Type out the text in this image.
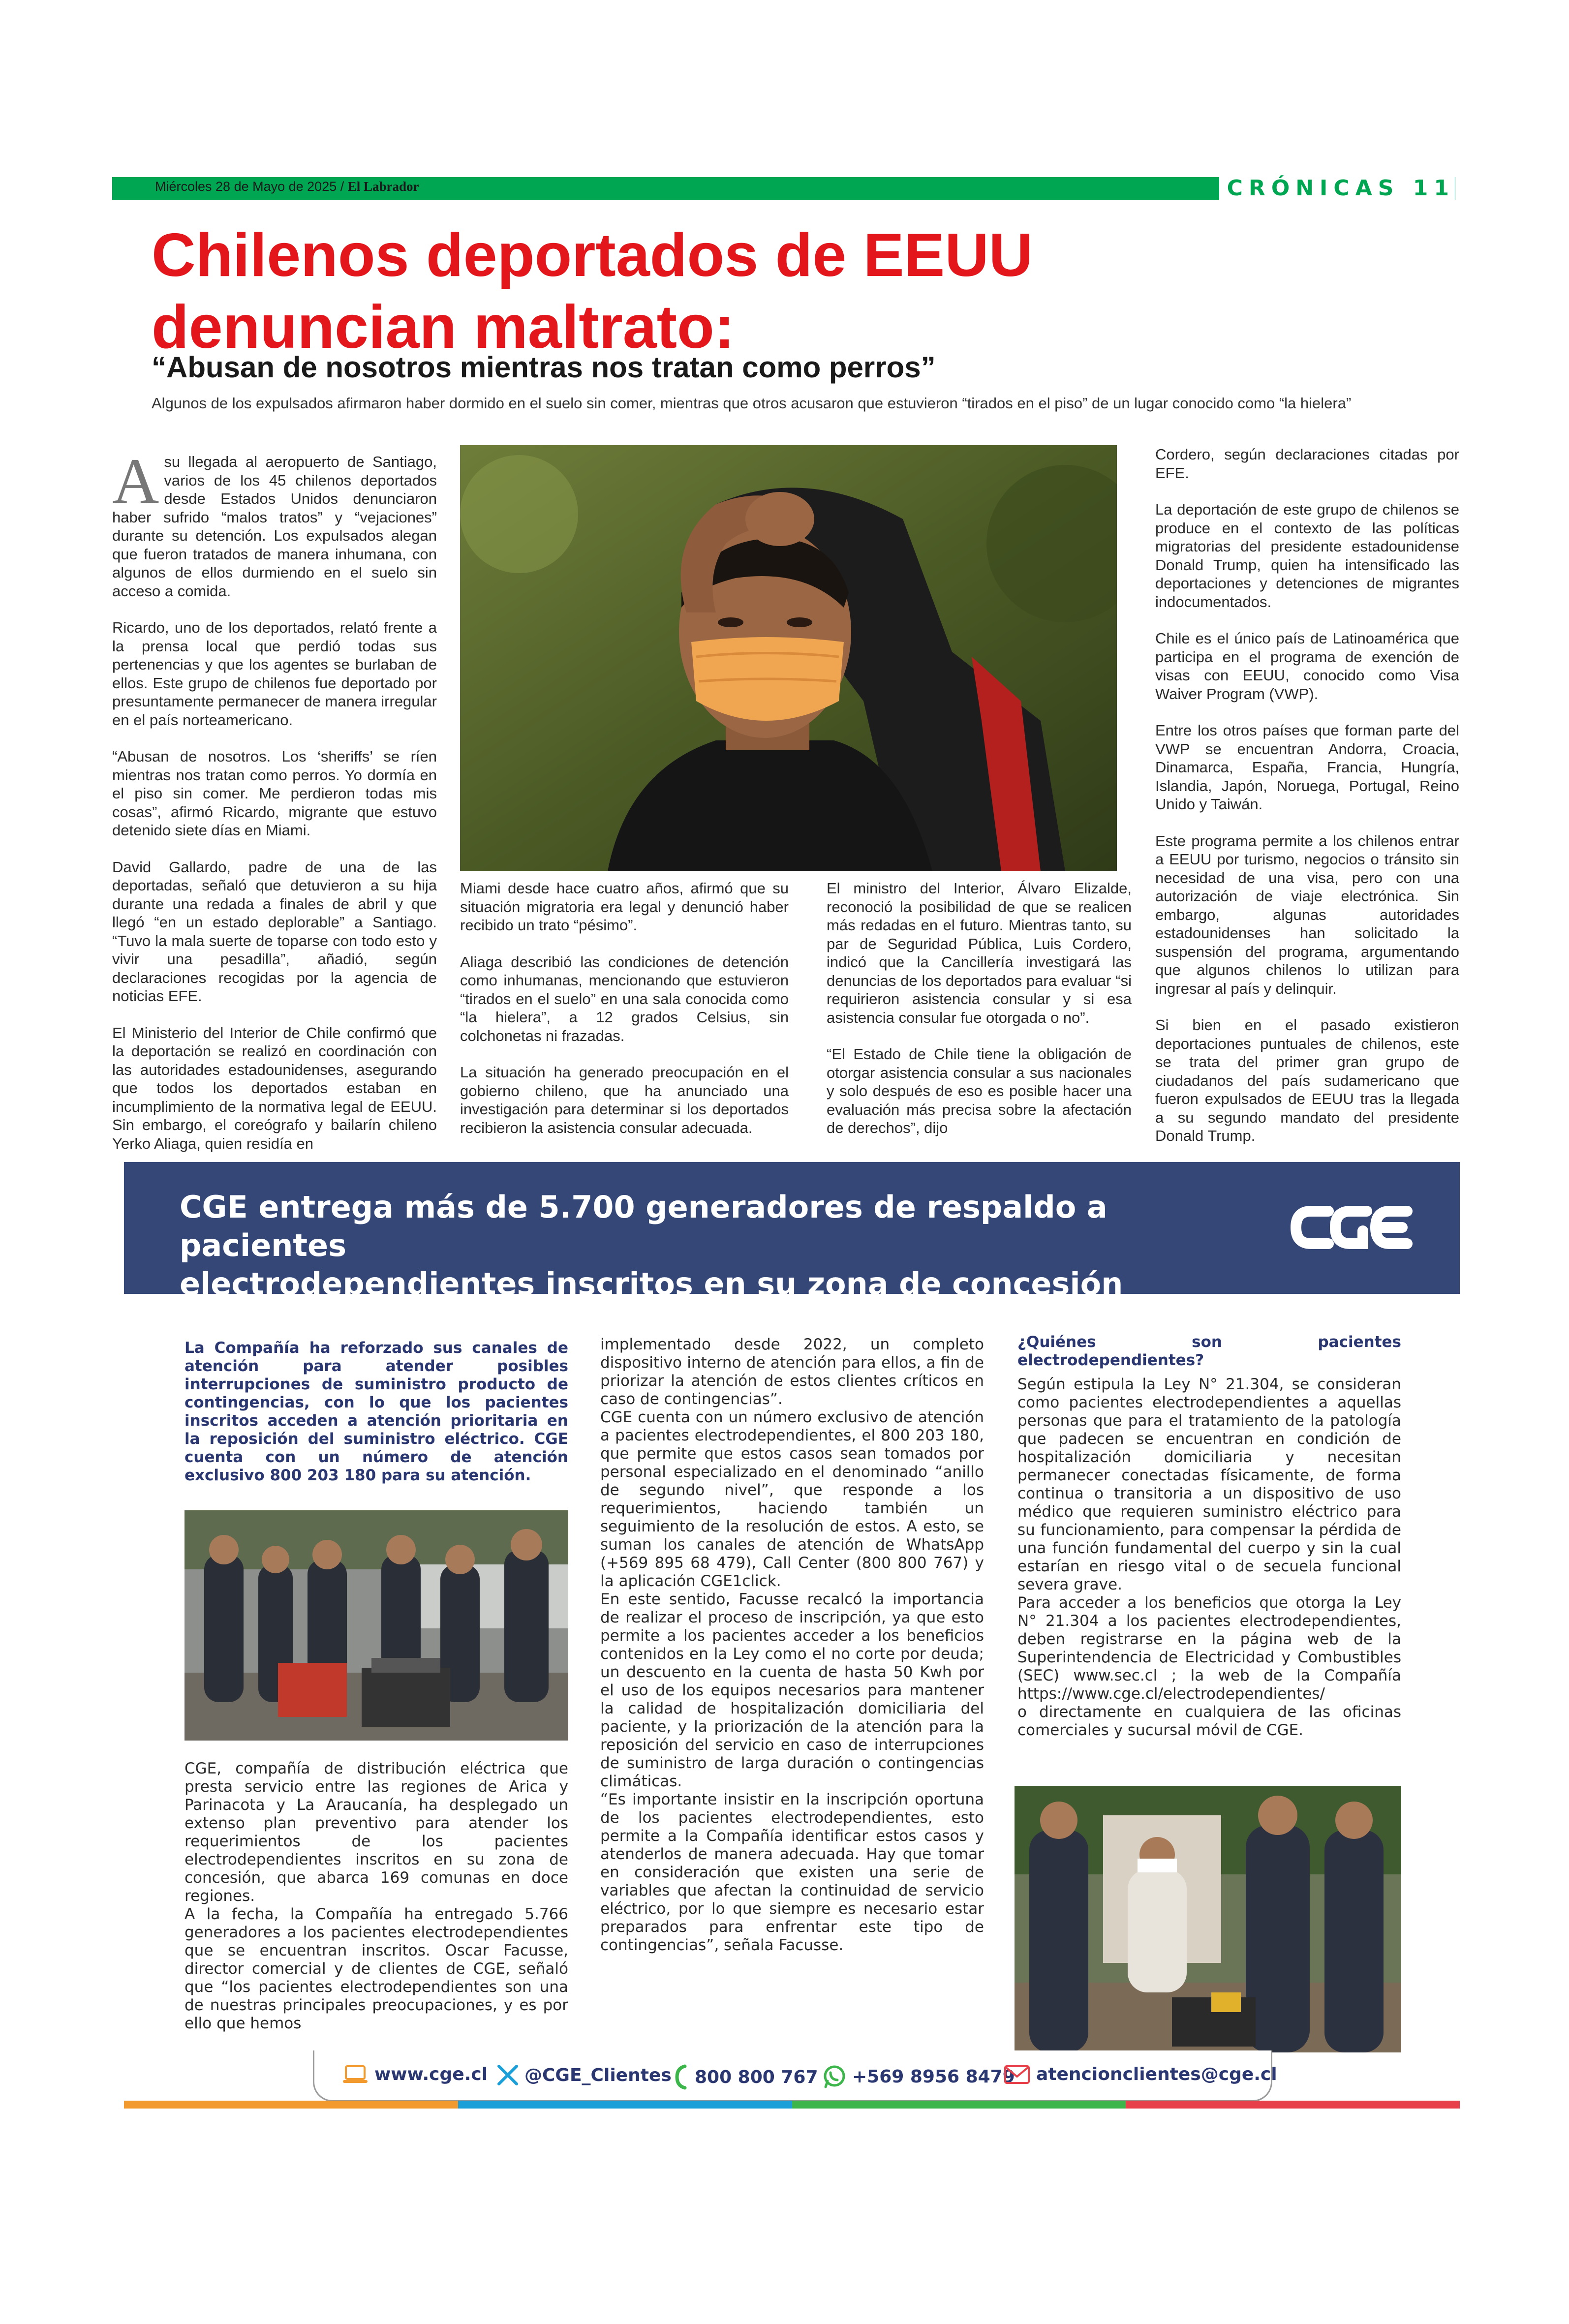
Miércoles 28 de Mayo de 2025 / El Labrador	CRÓNICAS 11
Chilenos deportados de EEUU
denuncian maltrato:
“Abusan de nosotros mientras nos tratan como perros”
Algunos de los expulsados afirmaron haber dormido en el suelo sin comer, mientras que otros acusaron que estuvieron “tirados en el piso” de un lugar conocido como “la hielera”

Asu llegada al aeropuerto de Santiago, varios de los 45 chilenos deportados desde Estados Unidos denunciaron haber sufrido “malos tratos” y “vejaciones” durante su detención. Los expulsados alegan que fueron tratados de manera inhumana, con algunos de ellos durmiendo en el suelo sin acceso a comida.

Ricardo, uno de los deportados, relató frente a la prensa local que perdió todas sus pertenencias y que los agentes se burlaban de ellos. Este grupo de chilenos fue deportado por presuntamente permanecer de manera irregular en el país norteamericano.

“Abusan de nosotros. Los ‘sheriffs’ se ríen mientras nos tratan como perros. Yo dormía en el piso sin comer. Me perdieron todas mis cosas”, afirmó Ricardo, migrante que estuvo detenido siete días en Miami.

David Gallardo, padre de una de las deportadas, señaló que detuvieron a su hija durante una redada a finales de abril y que llegó “en un estado deplorable” a Santiago. “Tuvo la mala suerte de toparse con todo esto y vivir una pesadilla”, añadió, según declaraciones recogidas por la agencia de noticias EFE.

El Ministerio del Interior de Chile confirmó que la deportación se realizó en coordinación con las autoridades estadounidenses, asegurando que todos los deportados estaban en incumplimiento de la normativa legal de EEUU. Sin embargo, el coreógrafo y bailarín chileno Yerko Aliaga, quien residía en

Miami desde hace cuatro años, afirmó que su situación migratoria era legal y denunció haber recibido un trato “pésimo”.

Aliaga describió las condiciones de detención como inhumanas, mencionando que estuvieron “tirados en el suelo” en una sala conocida como “la hielera”, a 12 grados Celsius, sin colchonetas ni frazadas.

La situación ha generado preocupación en el gobierno chileno, que ha anunciado una investigación para determinar si los deportados recibieron la asistencia consular adecuada.

El ministro del Interior, Álvaro Elizalde, reconoció la posibilidad de que se realicen más redadas en el futuro. Mientras tanto, su par de Seguridad Pública, Luis Cordero, indicó que la Cancillería investigará las denuncias de los deportados para evaluar “si requirieron asistencia consular y si esa asistencia consular fue otorgada o no”.

“El Estado de Chile tiene la obligación de otorgar asistencia consular a sus nacionales y solo después de eso es posible hacer una evaluación más precisa sobre la afectación de derechos”, dijo

Cordero, según declaraciones citadas por EFE.

La deportación de este grupo de chilenos se produce en el contexto de las políticas migratorias del presidente estadounidense Donald Trump, quien ha intensificado las deportaciones y detenciones de migrantes indocumentados.

Chile es el único país de Latinoamérica que participa en el programa de exención de visas con EEUU, conocido como Visa Waiver Program (VWP).

Entre los otros países que forman parte del VWP se encuentran Andorra, Croacia, Dinamarca, España, Francia, Hungría, Islandia, Japón, Noruega, Portugal, Reino Unido y Taiwán.

Este programa permite a los chilenos entrar a EEUU por turismo, negocios o tránsito sin necesidad de una visa, pero con una autorización de viaje electrónica. Sin embargo, algunas autoridades estadounidenses han solicitado la suspensión del programa, argumentando que algunos chilenos lo utilizan para ingresar al país y delinquir.

Si bien en el pasado existieron deportaciones puntuales de chilenos, este se trata del primer gran grupo de ciudadanos del país sudamericano que fueron expulsados de EEUU tras la llegada a su segundo mandato del presidente Donald Trump.

CGE entrega más de 5.700 generadores de respaldo a pacientes
electrodependientes inscritos en su zona de concesión
La Compañía ha reforzado sus canales de atención para atender posibles interrupciones de suministro producto de contingencias, con lo que los pacientes inscritos acceden a atención prioritaria en la reposición del suministro eléctrico. CGE cuenta con un número de atención exclusivo 800 203 180 para su atención.
CGE, compañía de distribución eléctrica que presta servicio entre las regiones de Arica y Parinacota y La Araucanía, ha desplegado un extenso plan preventivo para atender los requerimientos de los pacientes electrodependientes inscritos en su zona de concesión, que abarca 169 comunas en doce regiones.
A la fecha, la Compañía ha entregado 5.766 generadores a los pacientes electrodependientes que se encuentran inscritos. Oscar Facusse, director comercial y de clientes de CGE, señaló que “los pacientes electrodependientes son una de nuestras principales preocupaciones, y es por ello que hemos
implementado desde 2022, un completo dispositivo interno de atención para ellos, a fin de priorizar la atención de estos clientes críticos en caso de contingencias”.
CGE cuenta con un número exclusivo de atención a pacientes electrodependientes, el 800 203 180, que permite que estos casos sean tomados por personal especializado en el denominado “anillo de segundo nivel”, que responde a los requerimientos, haciendo también un seguimiento de la resolución de estos. A esto, se suman los canales de atención de WhatsApp (+569 895 68 479), Call Center (800 800 767) y la aplicación CGE1click.
En este sentido, Facusse recalcó la importancia de realizar el proceso de inscripción, ya que esto permite a los pacientes acceder a los beneficios contenidos en la Ley como el no corte por deuda; un descuento en la cuenta de hasta 50 Kwh por el uso de los equipos necesarios para mantener la calidad de hospitalización domiciliaria del paciente, y la priorización de la atención para la reposición del servicio en caso de interrupciones de suministro de larga duración o contingencias climáticas.
“Es importante insistir en la inscripción oportuna de los pacientes electrodependientes, esto permite a la Compañía identificar estos casos y atenderlos de manera adecuada. Hay que tomar en consideración que existen una serie de variables que afectan la continuidad de servicio eléctrico, por lo que siempre es necesario estar preparados para enfrentar este tipo de contingencias”, señala Facusse.
¿Quiénes son pacientes electrodependientes?
Según estipula la Ley N° 21.304, se consideran como pacientes electrodependientes a aquellas personas que para el tratamiento de la patología que padecen se encuentran en condición de hospitalización domiciliaria y necesitan permanecer conectadas físicamente, de forma continua o transitoria a un dispositivo de uso médico que requieren suministro eléctrico para su funcionamiento, para compensar la pérdida de una función fundamental del cuerpo y sin la cual estarían en riesgo vital o de secuela funcional severa grave.
Para acceder a los beneficios que otorga la Ley N° 21.304 a los pacientes electrodependientes, deben registrarse en la página web de la Superintendencia de Electricidad y Combustibles (SEC) www.sec.cl ; la web de la Compañía https://www.cge.cl/electrodependientes/
o directamente en cualquiera de las oficinas comerciales y sucursal móvil de CGE.
www.cge.cl @CGE_Clientes 800 800 767 +569 8956 8479 atencionclientes@cge.cl
